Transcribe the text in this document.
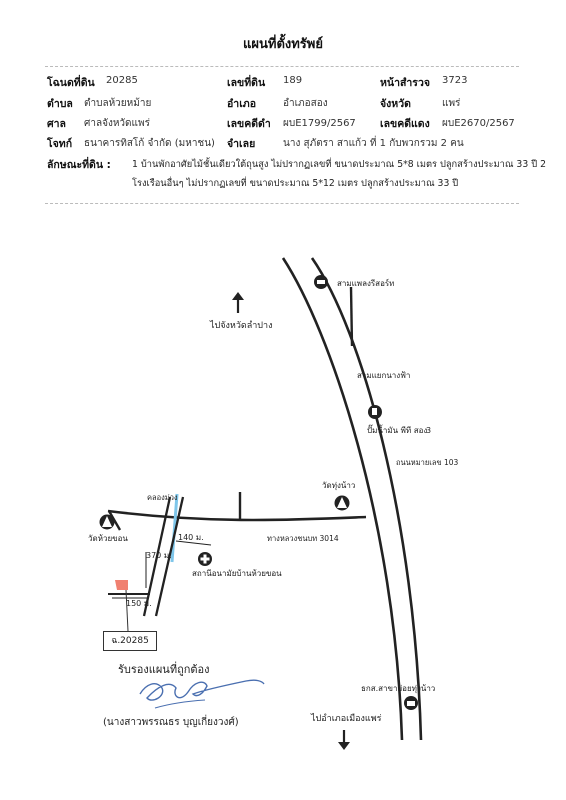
แผนที่ตั้งทรัพย์
โฉนดที่ดิน 20285	เลขที่ดิน 189	หน้าสำรวจ 3723
ตำบล ตำบลห้วยหม้าย	อำเภอ	อำเภอสอง	จังหวัด	แพร่
ศาล ศาลจังหวัดแพร่	เลขคดีดำ ผบE1799/2567 เลขคดีแดง ผบE2670/2567
โจทก์ ธนาคารทิสโก้ จำกัด (มหาชน) จำเลย	นาง สุภัตรา สาแก้ว ที่ 1 กับพวกรวม 2 คน
ลักษณะที่ดิน : 1 บ้านพักอาศัยไม้ชั้นเดียวใต้ถุนสูง ไม่ปรากฏเลขที่ ขนาดประมาณ 5*8 เมตร ปลูกสร้างประมาณ 33 ปี 2
โรงเรือนอื่นๆ ไม่ปรากฏเลขที่ ขนาดประมาณ 5*12 เมตร ปลูกสร้างประมาณ 33 ปี
สามแพลงรีสอร์ท
ไปจังหวัดลำปาง
สามแยกนางฟ้า
ปั๊มน้ำมัน พีที สอง
3
ถนนหมายเลข 103
วัดทุ่งน้าว
คลองม่วง
วัดห้วยขอน	ทางหลวงชนบท 3014
140 ม.
370 ม.
สถานีอนามัยบ้านห้วยขอน
150 ม.
ธกส.สาขาย่อยทุ่งน้าว
ไปอำเภอเมืองแพร่
ฉ.20285
รับรองแผนที่ถูกต้อง
(นางสาวพรรณธร บุญเกี่ยงวงศ์)
